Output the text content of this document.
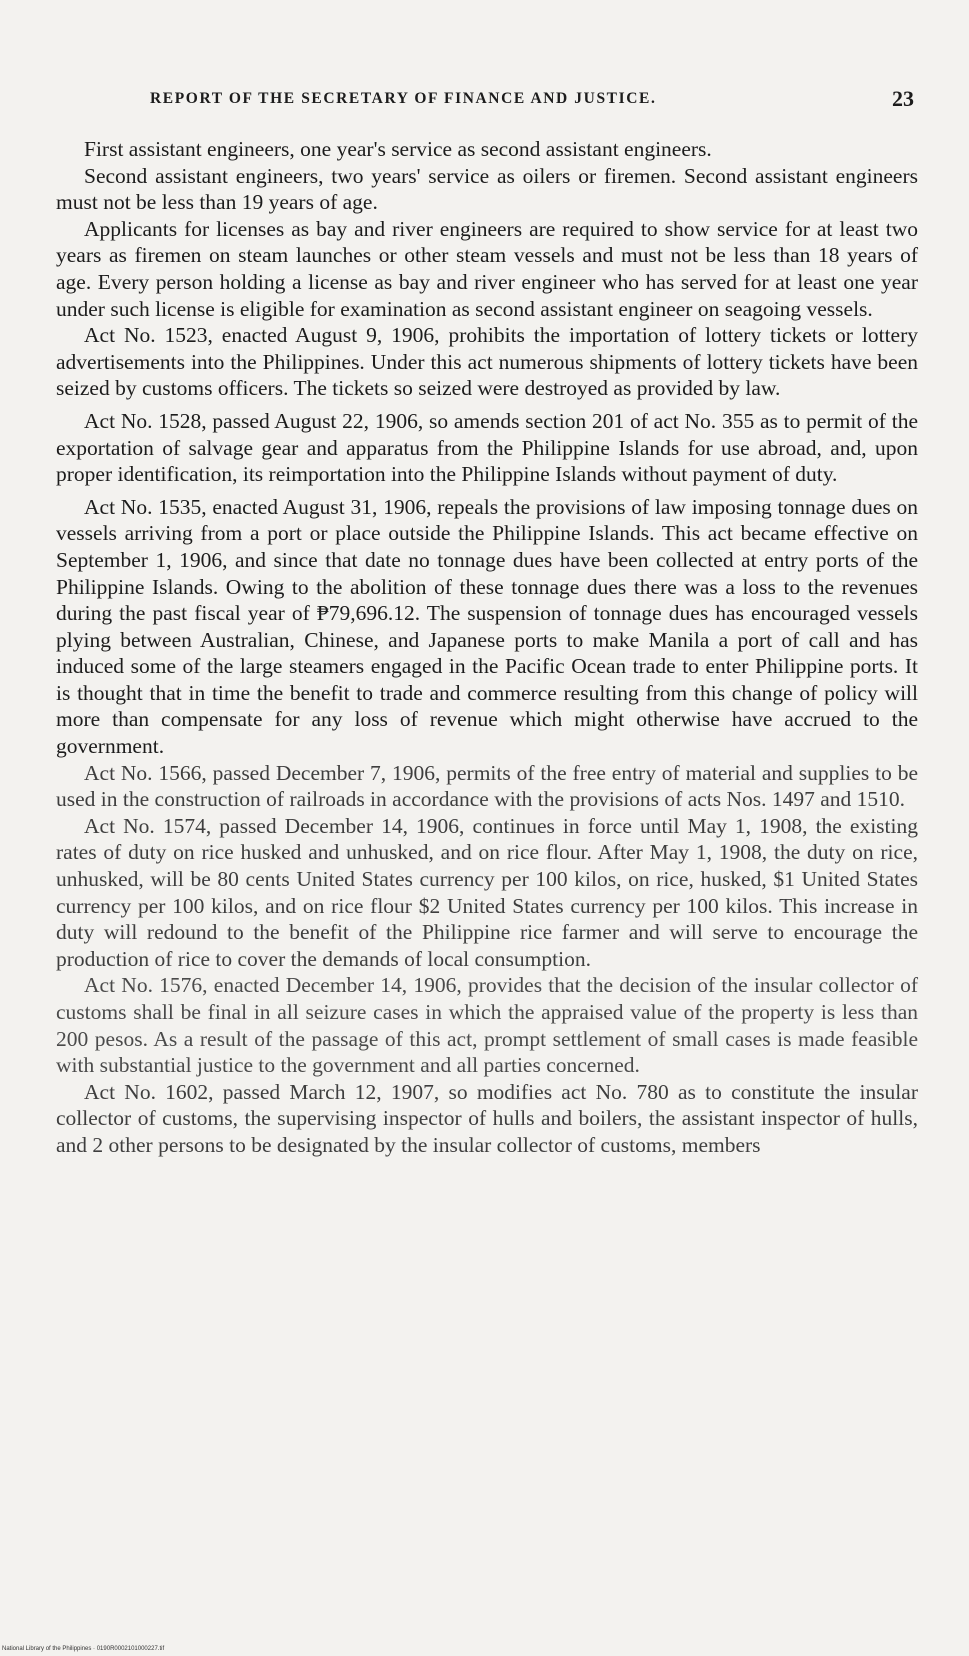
REPORT OF THE SECRETARY OF FINANCE AND JUSTICE.	23

First assistant engineers, one year's service as second assistant engineers.

Second assistant engineers, two years' service as oilers or firemen. Second assistant engineers must not be less than 19 years of age.

Applicants for licenses as bay and river engineers are required to show service for at least two years as firemen on steam launches or other steam vessels and must not be less than 18 years of age. Every person holding a license as bay and river engineer who has served for at least one year under such license is eligible for examination as second assistant engineer on seagoing vessels.

Act No. 1523, enacted August 9, 1906, prohibits the importation of lottery tickets or lottery advertisements into the Philippines. Under this act numerous shipments of lottery tickets have been seized by customs officers. The tickets so seized were destroyed as provided by law.

Act No. 1528, passed August 22, 1906, so amends section 201 of act No. 355 as to permit of the exportation of salvage gear and apparatus from the Philippine Islands for use abroad, and, upon proper identification, its reimportation into the Philippine Islands without payment of duty.

Act No. 1535, enacted August 31, 1906, repeals the provisions of law imposing tonnage dues on vessels arriving from a port or place outside the Philippine Islands. This act became effective on September 1, 1906, and since that date no tonnage dues have been collected at entry ports of the Philippine Islands. Owing to the abolition of these tonnage dues there was a loss to the revenues during the past fiscal year of ₱79,696.12. The suspension of tonnage dues has encouraged vessels plying between Australian, Chinese, and Japanese ports to make Manila a port of call and has induced some of the large steamers engaged in the Pacific Ocean trade to enter Philippine ports. It is thought that in time the benefit to trade and commerce resulting from this change of policy will more than compensate for any loss of revenue which might otherwise have accrued to the government.

Act No. 1566, passed December 7, 1906, permits of the free entry of material and supplies to be used in the construction of railroads in accordance with the provisions of acts Nos. 1497 and 1510.

Act No. 1574, passed December 14, 1906, continues in force until May 1, 1908, the existing rates of duty on rice husked and unhusked, and on rice flour. After May 1, 1908, the duty on rice, unhusked, will be 80 cents United States currency per 100 kilos, on rice, husked, $1 United States currency per 100 kilos, and on rice flour $2 United States currency per 100 kilos. This increase in duty will redound to the benefit of the Philippine rice farmer and will serve to encourage the production of rice to cover the demands of local consumption.

Act No. 1576, enacted December 14, 1906, provides that the decision of the insular collector of customs shall be final in all seizure cases in which the appraised value of the property is less than 200 pesos. As a result of the passage of this act, prompt settlement of small cases is made feasible with substantial justice to the government and all parties concerned.

Act No. 1602, passed March 12, 1907, so modifies act No. 780 as to constitute the insular collector of customs, the supervising inspector of hulls and boilers, the assistant inspector of hulls, and 2 other persons to be designated by the insular collector of customs, members

National Library of the Philippines · 0190R0002101000227.tif
